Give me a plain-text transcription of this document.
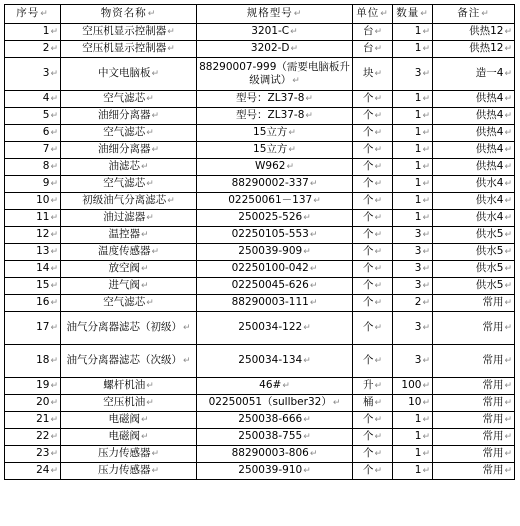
序号↵	物资名称↵	规格型号↵	单位↵	数量↵	备注↵
1↵	空压机显示控制器↵	3201-C↵	台↵	1↵	供热12↵
2↵	空压机显示控制器↵	3202-D↵	台↵	1↵	供热12↵
3↵	中文电脑板↵	88290007-999（需要电脑板升级调试）↵	块↵	3↵	造一4↵
4↵	空气滤芯↵	型号：ZL37-8↵	个↵	1↵	供热4↵
5↵	油细分离器↵	型号：ZL37-8↵	个↵	1↵	供热4↵
6↵	空气滤芯↵	15立方↵	个↵	1↵	供热4↵
7↵	油细分离器↵	15立方↵	个↵	1↵	供热4↵
8↵	油滤芯↵	W962↵	个↵	1↵	供热4↵
9↵	空气滤芯↵	88290002-337↵	个↵	1↵	供水4↵
10↵	初级油气分离滤芯↵	02250061－137↵	个↵	1↵	供水4↵
11↵	油过滤器↵	250025-526↵	个↵	1↵	供水4↵
12↵	温控器↵	02250105-553↵	个↵	3↵	供水5↵
13↵	温度传感器↵	250039-909↵	个↵	3↵	供水5↵
14↵	放空阀↵	02250100-042↵	个↵	3↵	供水5↵
15↵	进气阀↵	02250045-626↵	个↵	3↵	供水5↵
16↵	空气滤芯↵	88290003-111↵	个↵	2↵	常用↵
17↵	油气分离器滤芯（初级）↵	250034-122↵	个↵	3↵	常用↵
18↵	油气分离器滤芯（次级）↵	250034-134↵	个↵	3↵	常用↵
19↵	螺杆机油↵	46#↵	升↵	100↵	常用↵
20↵	空压机油↵	02250051（sullber32）↵	桶↵	10↵	常用↵
21↵	电磁阀↵	250038-666↵	个↵	1↵	常用↵
22↵	电磁阀↵	250038-755↵	个↵	1↵	常用↵
23↵	压力传感器↵	88290003-806↵	个↵	1↵	常用↵
24↵	压力传感器↵	250039-910↵	个↵	1↵	常用↵
